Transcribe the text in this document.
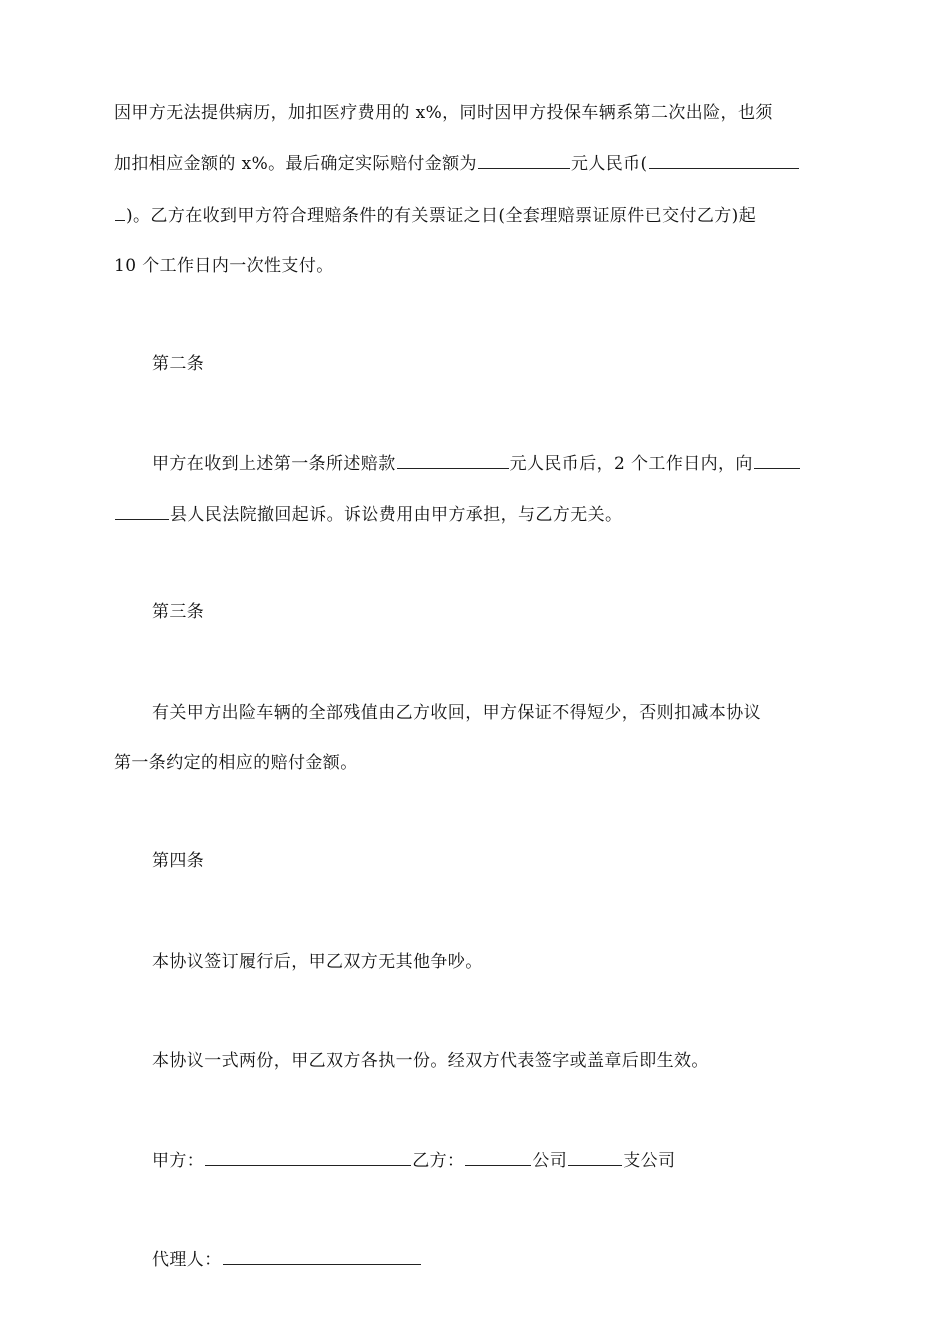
因甲方无法提供病历，加扣医疗费用的 x%，同时因甲方投保车辆系第二次出险，也须
加扣相应金额的 x%。最后确定实际赔付金额为	元人民币(
)。乙方在收到甲方符合理赔条件的有关票证之日(全套理赔票证原件已交付乙方)起
10 个工作日内一次性支付。
第二条
甲方在收到上述第一条所述赔款	元人民币后，2 个工作日内，向
县人民法院撤回起诉。诉讼费用由甲方承担，与乙方无关。
第三条
有关甲方出险车辆的全部残值由乙方收回，甲方保证不得短少，否则扣减本协议
第一条约定的相应的赔付金额。
第四条
本协议签订履行后，甲乙双方无其他争吵。
本协议一式两份，甲乙双方各执一份。经双方代表签字或盖章后即生效。
甲方：	乙方：	公司	支公司
代理人：
